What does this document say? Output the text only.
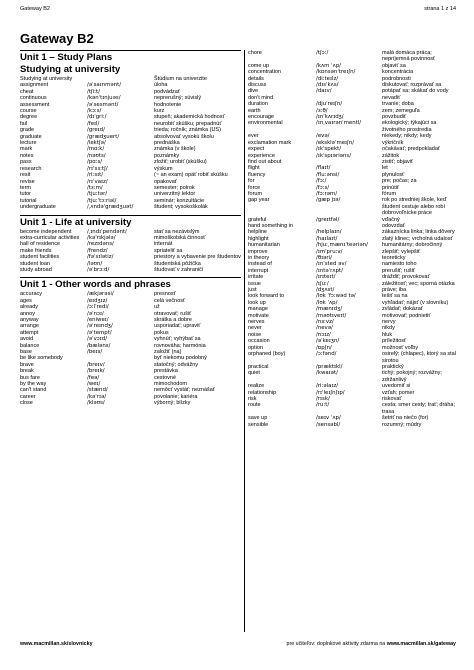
Gateway B2	strana 1 z 14
Gateway B2
Unit 1 – Study Plans
Studying at university
Studying at university	Štúdium na univerzite
assignment	/əˈsaɪnmənt/	úloha
cheat	/tʃiːt/	podvádzať
continuous	/kənˈtɪnjuəs/	neprerušný; súvislý
assessment	/əˈsesmənt/	hodnotenie
course	/kɔːs/	kurz
degree	/dɪˈgriː/	stupeň; akademická hodnosť
fail	/feɪl/	neurobiť skúšku; prepadnúť
grade	/greɪd/	trieda; ročník; známka (US)
graduate	/grædʒuert/	absolvovať vysokú školu
lecture	/lektʃə/	prednáška
mark	/mɑːk/	známka (v škole)
notes	/nəʊts/	poznámky
pass	/pɑːs/	zložiť; urobiť (skúšku)
research	/rɪˈsɜːtʃ/	výskum
resit	/riːsɪt/	(~ an exam) opäť robiť skúšku
revise	/rɪˈvaɪz/	opakovať
term	/tɜːm/	semester; polrok
tutor	/tjuːtər/	univerzitný lektor
tutorial	/tjuːˈtɔːriəl/	seminár; konzultácie
undergraduate	/ˌʌndəˈgrædʒuət/	študent; vysokoškolák
Unit 1 - Life at university
become independent	/ˌɪndɪˈpendənt/	stať sa nezávislým
extra-curricular activities	/kəˈrɪkjələ/	mimoškolská činnosť
hall of residence	/rezɪdəns/	internát
make friends	/frendz/	spriateliť sa
student facilities	/fəˈsɪlətiz/	priestory a vybavenie pre študentov
student loan	/ləʊn/	študentská pôžička
study abroad	/əˈbrɔːd/	študovať v zahraničí
Unit 1 - Other words and phrases
accuracy	/ækjərəsi/	presnosť
ages	/eɪdʒɪz/	celá večnosť
already	/ɔːlˈredi/	už
annoy	/əˈnɔɪ/	otravovať; rušiť
anyway	/eniweɪ/	skrátka a dobre
arrange	/əˈreɪndʒ/	usporiadať; upraviť
attempt	/əˈtempt/	pokus
avoid	/əˈvɔɪd/	vyhnúť; vyhýbať sa
balance	/bæləns/	rovnováha; harmónia
base	/beɪs/	založiť (na)
be like somebody	byť niekomu podobný
brave	/breɪv/	statočný; odvážny
break	/breɪk/	prestávka
bus fare	/feə/	cestovné
by the way	/weɪ/	mimochodom
can't stand	/stænd/	nemôcť vystáť; neznášať
career	/kəˈrɪə/	povolanie; kariéra
close	/kləʊs/	výborný; blízky
chore	/tʃɔː/	malá domáca práca; nepríjemná povinnosť
come up	/kʌm ˈʌp/	objaviť sa
concentration	/kɒnsənˈtreɪʃn/	koncentrácia
details	/diːteɪlz/	podrobnosti
discuss	/dɪsˈkʌs/	diskutovať; rozprávať sa
dive	/daɪv/	potápať sa; skákať do vody
don't mind	nevadiť
duration	/djuˈreɪʃn/	trvanie; doba
earth	/ɜːθ/	zem; zemeguľa
encourage	/ɪnˈkʌrɪdʒ/	povzbudiť
environmental	/ɪnˌvaɪrənˈmentl/	ekologický; týkajúci sa životného prostredia
ever	/evə/	niekedy; nikdy; kedy
exclamation mark	/ekskləˈmeɪʃn/	výkričník
expect	/ɪkˈspekt/	očakávať; predpokladať
experience	/ɪkˈspɪəriəns/	zážitok
find out about	zistiť; objaviť
flight	/flaɪt/	let
fluency	/fluːənsi/	plynulosť
for	/fɔː/	pre; počas; za
force	/fɔːs/	prinútiť
forum	/fɔːrəm/	fórum
gap year	/gæp jɪə/	rok po stredniej škole, keď študent cestuje alebo robí dobrovoľnícke práce
grateful	/greɪtfəl/	vďačný
hand something in	odovzdať
helpline	/helplaɪn/	zákaznícka linka; linka dôvery
highlight	/haɪlaɪt/	zlatý klinec; vrcholná udalosť
humanitarian	/hjuːˌmænɪˈteəriən/	humanitárny; dobročinný
improve	/ɪmˈpruːv/	zlepšiť; vylepšiť
in theory	/θɪəri/	teoreticky
instead of	/ɪnˈsted əv/	namiesto toho
interrupt	/ɪntəˈrʌpt/	prerušiť; rušiť
irritate	/ɪrɪteɪt/	dráždiť; provokovať
issue	/ɪʃuː/	záležitosť; vec; sporná otázka
just	/dʒʌst/	práve; iba
look forward to	/lʊk ˈfɔːwəd tə/	tešiť sa na
look up	/lʊk ˈʌp/	vyhľadať; nájsť (v slovníku)
manage	/mænɪdʒ/	zvládať; dokázať
motivate	/məʊtɪveɪt/	motivovať; podnietiť
nerves	/nɜːvz/	nervy
never	/nevə/	nikdy
noise	/nɔɪz/	hluk
occasion	/əˈkeɪʒn/	príležitosť
option	/ɒpʃn/	možnosť voľby
orphaned (boy)	/ɔːfənd/	osirelý; (chlapec), ktorý sa stal sirotou
practical	/præktɪkl/	praktický
quiet	/kwaɪət/	tichý; pokojný; rozvážny; zdržanlivý
realize	/riːəlaɪz/	uvedomiť si
relationship	/rɪˈleɪʃnʃɪp/	vzťah; pomer
risk	/rɪsk/	riskovať
route	/ruːt/	cesta; smer cesty; trať; dráha; trasa
save up	/seɪv ˈʌp/	šetriť na niečo (for)
sensible	/sensəbl/	rozumný; múdry
www.macmillan.sk/slovnicky	pre učiteľov: doplnkové aktivity zdarma na www.macmillan.sk/gateway
